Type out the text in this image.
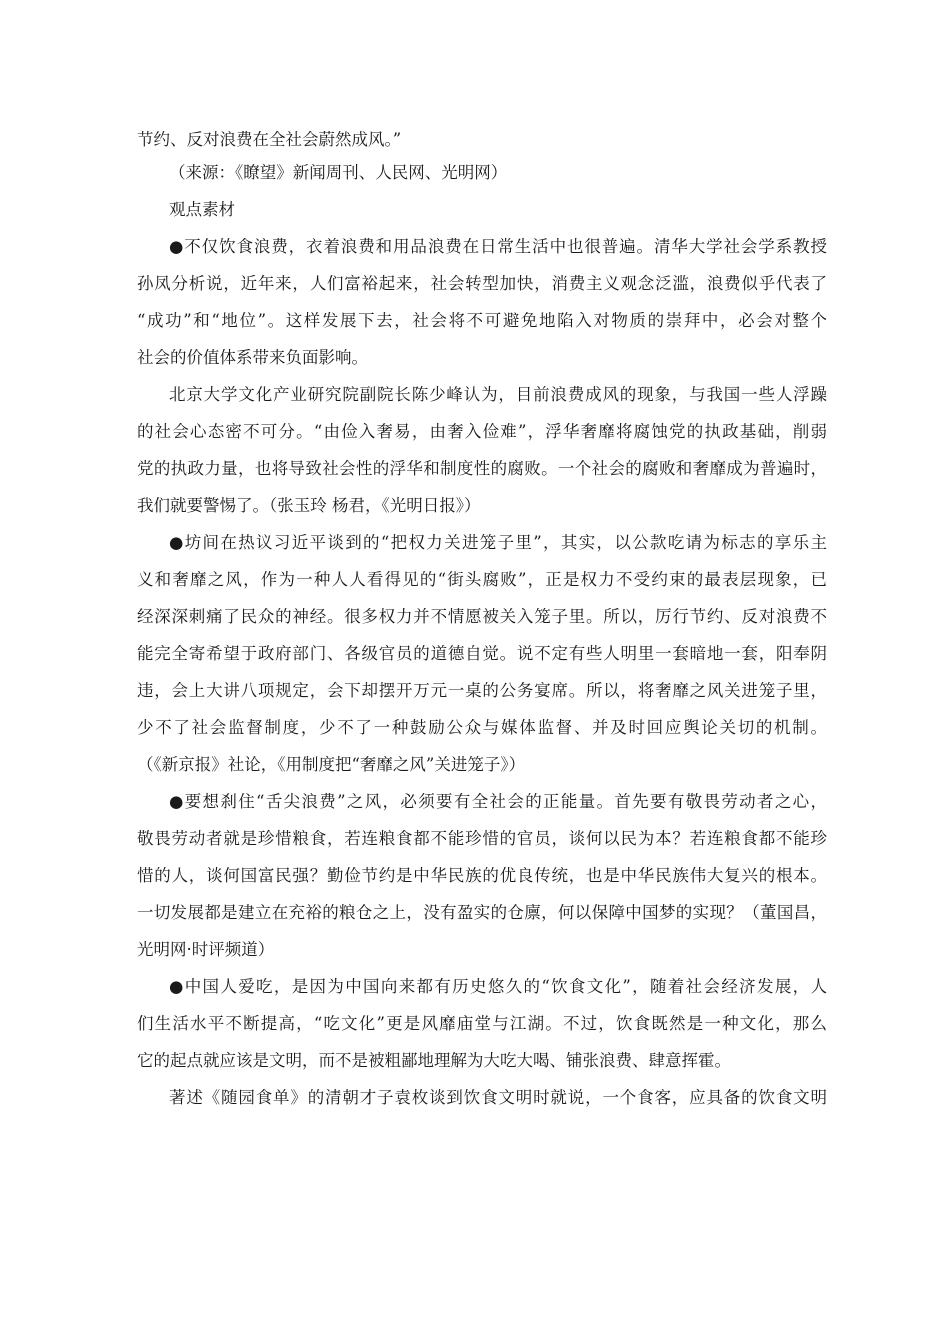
节约、反对浪费在全社会蔚然成风。”
（来源：《瞭望》新闻周刊、人民网、光明网）
观点素材
●不仅饮食浪费，衣着浪费和用品浪费在日常生活中也很普遍。清华大学社会学系教授
孙凤分析说，近年来，人们富裕起来，社会转型加快，消费主义观念泛滥，浪费似乎代表了
“成功”和“地位”。这样发展下去，社会将不可避免地陷入对物质的崇拜中，必会对整个
社会的价值体系带来负面影响。
北京大学文化产业研究院副院长陈少峰认为，目前浪费成风的现象，与我国一些人浮躁
的社会心态密不可分。“由俭入奢易，由奢入俭难”，浮华奢靡将腐蚀党的执政基础，削弱
党的执政力量，也将导致社会性的浮华和制度性的腐败。一个社会的腐败和奢靡成为普遍时，
我们就要警惕了。（张玉玲 杨君，《光明日报》）
●坊间在热议习近平谈到的“把权力关进笼子里”，其实，以公款吃请为标志的享乐主
义和奢靡之风，作为一种人人看得见的“街头腐败”，正是权力不受约束的最表层现象，已
经深深刺痛了民众的神经。很多权力并不情愿被关入笼子里。所以，厉行节约、反对浪费不
能完全寄希望于政府部门、各级官员的道德自觉。说不定有些人明里一套暗地一套，阳奉阴
违，会上大讲八项规定，会下却摆开万元一桌的公务宴席。所以，将奢靡之风关进笼子里，
少不了社会监督制度，少不了一种鼓励公众与媒体监督、并及时回应舆论关切的机制。
（《新京报》社论，《用制度把“奢靡之风”关进笼子》）
●要想刹住“舌尖浪费”之风，必须要有全社会的正能量。首先要有敬畏劳动者之心，
敬畏劳动者就是珍惜粮食，若连粮食都不能珍惜的官员，谈何以民为本？若连粮食都不能珍
惜的人，谈何国富民强？勤俭节约是中华民族的优良传统，也是中华民族伟大复兴的根本。
一切发展都是建立在充裕的粮仓之上，没有盈实的仓廪，何以保障中国梦的实现？（董国昌，
光明网·时评频道）
●中国人爱吃，是因为中国向来都有历史悠久的“饮食文化”，随着社会经济发展，人
们生活水平不断提高，“吃文化”更是风靡庙堂与江湖。不过，饮食既然是一种文化，那么
它的起点就应该是文明，而不是被粗鄙地理解为大吃大喝、铺张浪费、肆意挥霍。
著述《随园食单》的清朝才子袁枚谈到饮食文明时就说，一个食客，应具备的饮食文明
